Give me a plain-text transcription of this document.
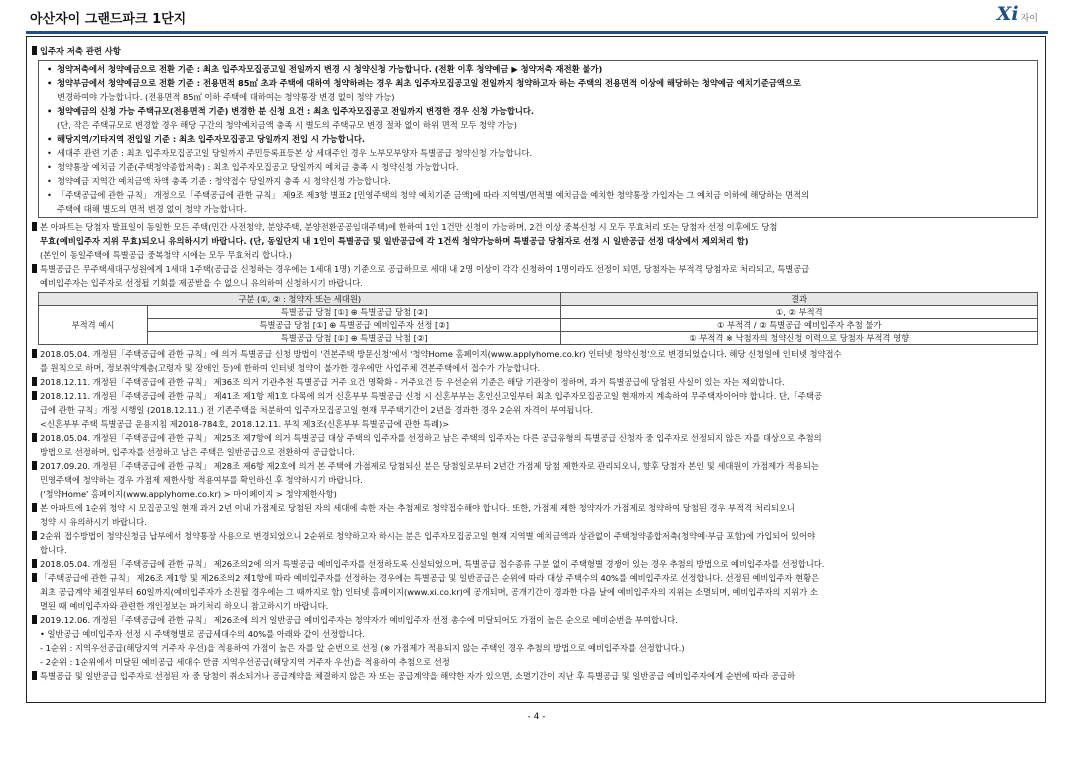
아산자이 그랜드파크 1단지	Xi 자이
입주자 저축 관련 사항
• 청약저축에서 청약예금으로 전환 기준 : 최초 입주자모집공고일 전일까지 변경 시 청약신청 가능합니다. (전환 이후 청약예금 ▶ 청약저축 재전환 불가)
• 청약부금에서 청약예금으로 전환 기준 : 전용면적 85㎡ 초과 주택에 대하여 청약하려는 경우 최초 입주자모집공고일 전일까지 청약하고자 하는 주택의 전용면적 이상에 해당하는 청약예금 예치기준금액으로
변경하여야 가능합니다. (전용면적 85㎡ 이하 주택에 대하여는 청약통장 변경 없이 청약 가능)
• 청약예금의 신청 가능 주택규모(전용면적 기준) 변경한 분 신청 요건 : 최초 입주자모집공고 전일까지 변경한 경우 신청 가능합니다.
(단, 작은 주택규모로 변경할 경우 해당 구간의 청약예치금액 충족 시 별도의 주택규모 변경 절차 없이 하위 면적 모두 청약 가능)
• 해당지역/기타지역 전입일 기준 : 최초 입주자모집공고 당일까지 전입 시 가능합니다.
• 세대주 관련 기준 : 최초 입주자모집공고일 당일까지 주민등록표등본 상 세대주인 경우 노부모부양자 특별공급 청약신청 가능합니다.
• 청약통장 예치금 기준(주택청약종합저축) : 최초 입주자모집공고 당일까지 예치금 충족 시 청약신청 가능합니다.
• 청약예금 지역간 예치금액 차액 충족 기준 : 청약접수 당일까지 충족 시 청약신청 가능합니다.
• 「주택공급에 관한 규칙」 개정으로「주택공급에 관한 규칙」 제9조 제3항 별표2 [민영주택의 청약 예치기준 금액]에 따라 지역별/면적별 예치금을 예치한 청약통장 가입자는 그 예치금 이하에 해당하는 면적의
주택에 대해 별도의 면적 변경 없이 청약 가능합니다.
본 아파트는 당첨자 발표일이 동일한 모든 주택(민간 사전청약, 분양주택, 분양전환공공임대주택)에 한하여 1인 1건만 신청이 가능하며, 2건 이상 중복신청 시 모두 무효처리 또는 당첨자 선정 이후에도 당첨
무효(예비입주자 지위 무효)되오니 유의하시기 바랍니다. (단, 동일단지 내 1인이 특별공급 및 일반공급에 각 1건씩 청약가능하며 특별공급 당첨자로 선정 시 일반공급 선정 대상에서 제외처리 함)
(본인이 동일주택에 특별공급 중복청약 시에는 모두 무효처리 합니다.)
특별공급은 무주택세대구성원에게 1세대 1주택(공급을 신청하는 경우에는 1세대 1명) 기준으로 공급하므로 세대 내 2명 이상이 각각 신청하여 1명이라도 선정이 되면, 당첨자는 부적격 당첨자로 처리되고, 특별공급
예비입주자는 입주자로 선정될 기회를 제공받을 수 없으니 유의하여 신청하시기 바랍니다.
구분 (①, ② : 청약자 또는 세대원)		결과
부적격 예시	특별공급 당첨 [①] ⊕ 특별공급 당첨 [②]	①, ② 부적격
	특별공급 당첨 [①] ⊕ 특별공급 예비입주자 선정 [②]	① 부적격 / ② 특별공급 예비입주자 추첨 불가
	특별공급 당첨 [①] ⊕ 특별공급 낙첨 [②]	① 부적격 ※ 낙첨자의 청약신청 이력으로 당첨자 부적격 영향
2018.05.04. 개정된「주택공급에 관한 규칙」에 의거 특별공급 신청 방법이 '견본주택 방문신청'에서 '청약Home 홈페이지(www.applyhome.co.kr) 인터넷 청약신청'으로 변경되었습니다. 해당 신청일에 인터넷 청약접수
를 원칙으로 하며, 정보취약계층(고령자 및 장애인 등)에 한하여 인터넷 청약이 불가한 경우에만 사업주체 견본주택에서 접수가 가능합니다.
2018.12.11. 개정된「주택공급에 관한 규칙」 제36조 의거 기관추천 특별공급 거주 요건 명확화 - 거주요건 등 우선순위 기준은 해당 기관장이 정하며, 과거 특별공급에 당첨된 사실이 있는 자는 제외합니다.
2018.12.11. 개정된「주택공급에 관한 규칙」 제41조 제1항 제1호 다목에 의거 신혼부부 특별공급 신청 시 신혼부부는 혼인신고일부터 최초 입주자모집공고일 현재까지 계속하여 무주택자이어야 합니다. 단,「주택공
급에 관한 규칙」개정 시행일 (2018.12.11.) 전 기존주택을 처분하여 입주자모집공고일 현재 무주택기간이 2년을 경과한 경우 2순위 자격이 부여됩니다.
<신혼부부 주택 특별공급 운용지침 제2018-784호, 2018.12.11. 부칙 제3조(신혼부부 특별공급에 관한 특례)>
2018.05.04. 개정된「주택공급에 관한 규칙」 제25조 제7항에 의거 특별공급 대상 주택의 입주자를 선정하고 남은 주택의 입주자는 다른 공급유형의 특별공급 신청자 중 입주자로 선정되지 않은 자를 대상으로 추첨의
방법으로 선정하며, 입주자를 선정하고 남은 주택은 일반공급으로 전환하여 공급합니다.
2017.09.20. 개정된「주택공급에 관한 규칙」 제28조 제6항 제2호에 의거 본 주택에 가점제로 당첨되신 분은 당첨일로부터 2년간 가점제 당첨 제한자로 관리되오니, 향후 당첨자 본인 및 세대원이 가점제가 적용되는
민영주택에 청약하는 경우 가점제 제한사항 적용여부를 확인하신 후 청약하시기 바랍니다.
('청약Home' 홈페이지(www.applyhome.co.kr) > 마이페이지 > 청약제한사항)
본 아파트에 1순위 청약 시 모집공고일 현재 과거 2년 이내 가점제로 당첨된 자의 세대에 속한 자는 추첨제로 청약접수해야 합니다. 또한, 가점제 제한 청약자가 가점제로 청약하여 당첨된 경우 부적격 처리되오니
청약 시 유의하시기 바랍니다.
2순위 접수방법이 청약신청금 납부에서 청약통장 사용으로 변경되었으니 2순위로 청약하고자 하시는 분은 입주자모집공고일 현재 지역별 예치금액과 상관없이 주택청약종합저축(청약예·부금 포함)에 가입되어 있어야
합니다.
2018.05.04. 개정된「주택공급에 관한 규칙」 제26조의2에 의거 특별공급 예비입주자를 선정하도록 신설되었으며, 특별공급 접수종류 구분 없이 주택형별 경쟁이 있는 경우 추첨의 방법으로 예비입주자를 선정합니다.
「주택공급에 관한 규칙」 제26조 제1항 및 제26조의2 제1항에 따라 예비입주자를 선정하는 경우에는 특별공급 및 일반공급은 순위에 따라 대상 주택수의 40%를 예비입주자로 선정합니다. 선정된 예비입주자 현황은
최초 공급계약 체결일부터 60일까지(예비입주자가 소진될 경우에는 그 때까지로 함) 인터넷 홈페이지(www.xi.co.kr)에 공개되며, 공개기간이 경과한 다음 날에 예비입주자의 지위는 소멸되며, 예비입주자의 지위가 소
멸된 때 예비입주자와 관련한 개인정보는 파기처리 하오니 참고하시기 바랍니다.
2019.12.06. 개정된「주택공급에 관한 규칙」 제26조에 의거 일반공급 예비입주자는 청약자가 예비입주자 선정 총수에 미달되어도 가점이 높은 순으로 예비순번을 부여합니다.
• 일반공급 예비입주자 선정 시 주택형별로 공급세대수의 40%를 아래와 같이 선정합니다.
- 1순위 : 지역우선공급(해당지역 거주자 우선)을 적용하여 가점이 높은 자를 앞 순번으로 선정 (※ 가점제가 적용되지 않는 주택인 경우 추첨의 방법으로 예비입주자를 선정합니다.)
- 2순위 : 1순위에서 미달된 예비공급 세대수 만큼 지역우선공급(해당지역 거주자 우선)을 적용하여 추첨으로 선정
특별공급 및 일반공급 입주자로 선정된 자 중 당첨이 취소되거나 공급계약을 체결하지 않은 자 또는 공급계약을 해약한 자가 있으면, 소멸기간이 지난 후 특별공급 및 일반공급 예비입주자에게 순번에 따라 공급하
- 4 -
